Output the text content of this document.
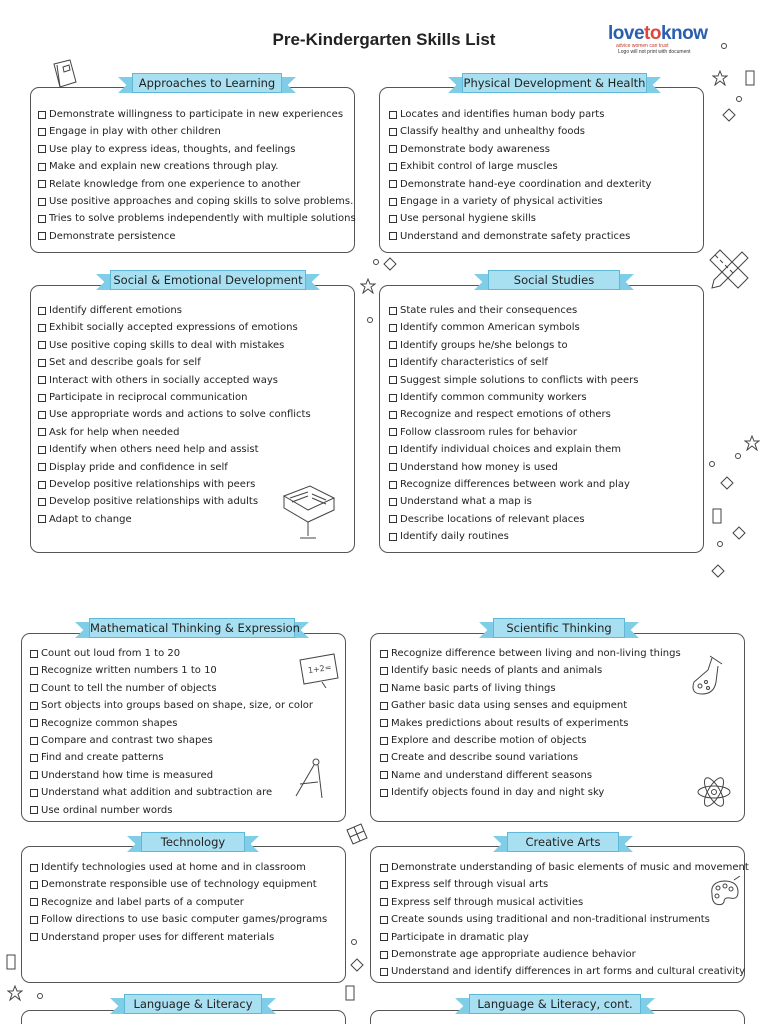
Pre-Kindergarten Skills List	lovetoknow
advice women can trust
Logo will not print with document
Approaches to Learning
Demonstrate willingness to participate in new experiences
Engage in play with other children
Use play to express ideas, thoughts, and feelings
Make and explain new creations through play.
Relate knowledge from one experience to another
Use positive approaches and coping skills to solve problems.
Tries to solve problems independently with multiple solutions
Demonstrate persistence
Physical Development & Health
Locates and identifies human body parts
Classify healthy and unhealthy foods
Demonstrate body awareness
Exhibit control of large muscles
Demonstrate hand-eye coordination and dexterity
Engage in a variety of physical activities
Use personal hygiene skills
Understand and demonstrate safety practices
Social & Emotional Development
Identify different emotions
Exhibit socially accepted expressions of emotions
Use positive coping skills to deal with mistakes
Set and describe goals for self
Interact with others in socially accepted ways
Participate in reciprocal communication
Use appropriate words and actions to solve conflicts
Ask for help when needed
Identify when others need help and assist
Display pride and confidence in self
Develop positive relationships with peers
Develop positive relationships with adults
Adapt to change
Social Studies
State rules and their consequences
Identify common American symbols
Identify groups he/she belongs to
Identify characteristics of self
Suggest simple solutions to conflicts with peers
Identify common community workers
Recognize and respect emotions of others
Follow classroom rules for behavior
Identify individual choices and explain them
Understand how money is used
Recognize differences between work and play
Understand what a map is
Describe locations of relevant places
Identify daily routines
Mathematical Thinking & Expression
Count out loud from 1 to 20
Recognize written numbers 1 to 10
Count to tell the number of objects
Sort objects into groups based on shape, size, or color
Recognize common shapes
Compare and contrast two shapes
Find and create patterns
Understand how time is measured
Understand what addition and subtraction are
Use ordinal number words
Scientific Thinking
Recognize difference between living and non-living things
Identify basic needs of plants and animals
Name basic parts of living things
Gather basic data using senses and equipment
Makes predictions about results of experiments
Explore and describe motion of objects
Create and describe sound variations
Name and understand different seasons
Identify objects found in day and night sky
Technology
Identify technologies used at home and in classroom
Demonstrate responsible use of technology equipment
Recognize and label parts of a computer
Follow directions to use basic computer games/programs
Understand proper uses for different materials
Creative Arts
Demonstrate understanding of basic elements of music and movement
Express self through visual arts
Express self through musical activities
Create sounds using traditional and non-traditional instruments
Participate in dramatic play
Demonstrate age appropriate audience behavior
Understand and identify differences in art forms and cultural creativity
Language & Literacy	Language & Literacy, cont.
1+2=
